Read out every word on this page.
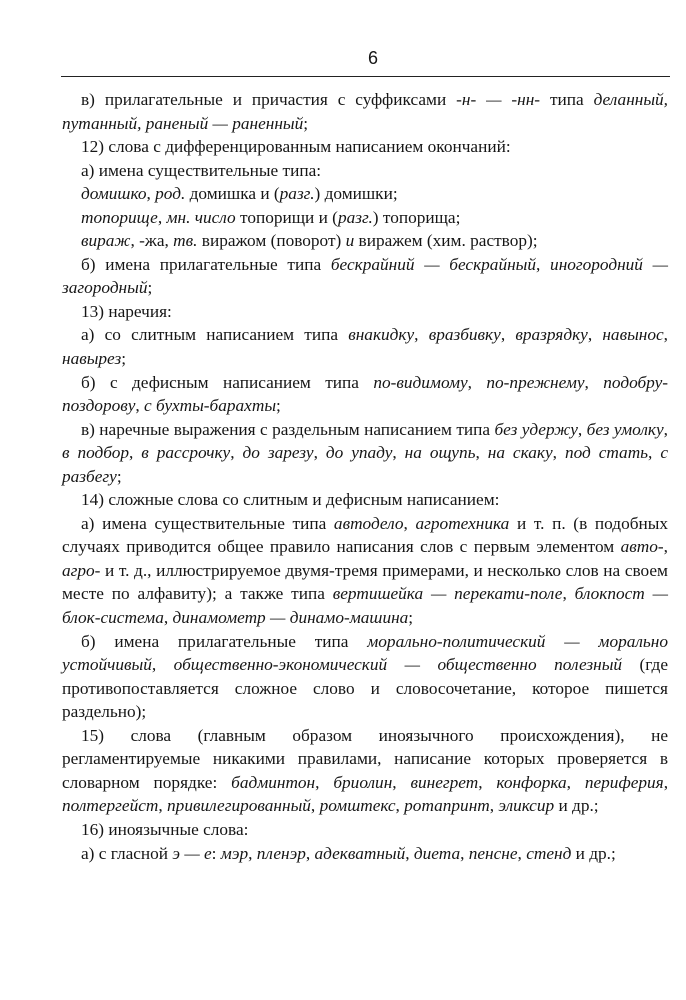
6

в) прилагательные и причастия с суффиксами -н- — -нн- типа деланный, путанный, раненый — раненный;

12) слова с дифференцированным написанием окончаний:

а) имена существительные типа:

домишко, род. домишка и (разг.) домишки;

топорище, мн. число топорищи и (разг.) топорища;

вираж, -жа, тв. виражом (поворот) и виражем (хим. раствор);

б) имена прилагательные типа бескрайний — бескрайный, иногородний — загородный;

13) наречия:

а) со слитным написанием типа внакидку, вразбивку, вразрядку, навынос, навырез;

б) с дефисным написанием типа по-видимому, по-прежнему, подобру-поздорову, с бухты-барахты;

в) наречные выражения с раздельным написанием типа без удержу, без умолку, в подбор, в рассрочку, до зарезу, до упаду, на ощупь, на скаку, под стать, с разбегу;

14) сложные слова со слитным и дефисным написанием:

а) имена существительные типа автодело, агротехника и т. п. (в подобных случаях приводится общее правило написания слов с первым элементом авто-, агро- и т. д., иллюстрируемое двумя-тремя примерами, и несколько слов на своем месте по алфавиту); а также типа вертишейка — перекати-поле, блокпост — блок-система, динамометр — динамо-машина;

б) имена прилагательные типа морально-политический — морально устойчивый, общественно-экономический — общественно полезный (где противопоставляется сложное слово и словосочетание, которое пишется раздельно);

15) слова (главным образом иноязычного происхождения), не регламентируемые никакими правилами, написание которых проверяется в словарном порядке: бадминтон, бриолин, винегрет, конфорка, периферия, полтергейст, привилегированный, ромштекс, ротапринт, эликсир и др.;

16) иноязычные слова:

а) с гласной э — е: мэр, пленэр, адекватный, диета, пенсне, стенд и др.;
